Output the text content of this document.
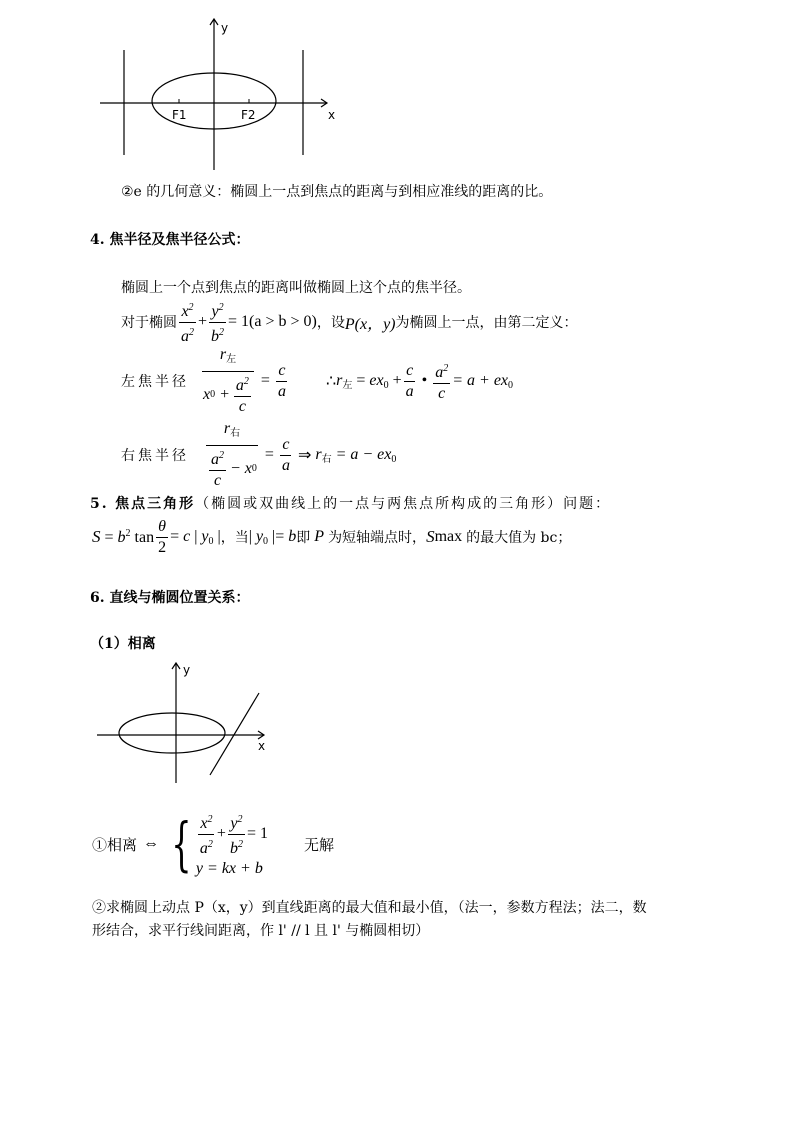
y
x
F1	F2
②e 的几何意义：椭圆上一点到焦点的距离与到相应准线的距离的比。
4. 焦半径及焦半径公式：
椭圆上一个点到焦点的距离叫做椭圆上这个点的焦半径。
对于椭圆 $\frac{x^2}{a^2} + \frac{y^2}{b^2} = 1(a > b > 0)$ ，设 P(x，y) 为椭圆上一点，由第二定义：
左焦半径 $\frac{r_左}{x 0 + \frac{a^2}{c}} = \frac{c}{a}$ ∴ $r_左 = ex_0 + \frac{c}{a}$ • $\frac{a^2}{c} = a + ex_0$
右焦半径 $\frac{r_右}{\frac{a^2}{c} - x 0} = \frac{c}{a}$ ⇒ $r_右 = a - ex_0$
5. 焦点三角形（椭圆或双曲线上的一点与两焦点所构成的三角形）问题：
$S = b^2$ $\tan \frac{\theta}{2} = c$ | $y_0$ | ，当 | $y_0$ |= b 即 P 为短轴端点时， S max 的最大值为 bc；
6. 直线与椭圆位置关系：
（1）相离
y
x
①相离 ⇔ { $\frac{x^2}{a^2} + \frac{y^2}{b^2} = 1$
y = kx + b
无解
②求椭圆上动点 P（x，y）到直线距离的最大值和最小值，（法一，参数方程法；法二，数
形结合，求平行线间距离，作 l' // l 且 l' 与椭圆相切）
